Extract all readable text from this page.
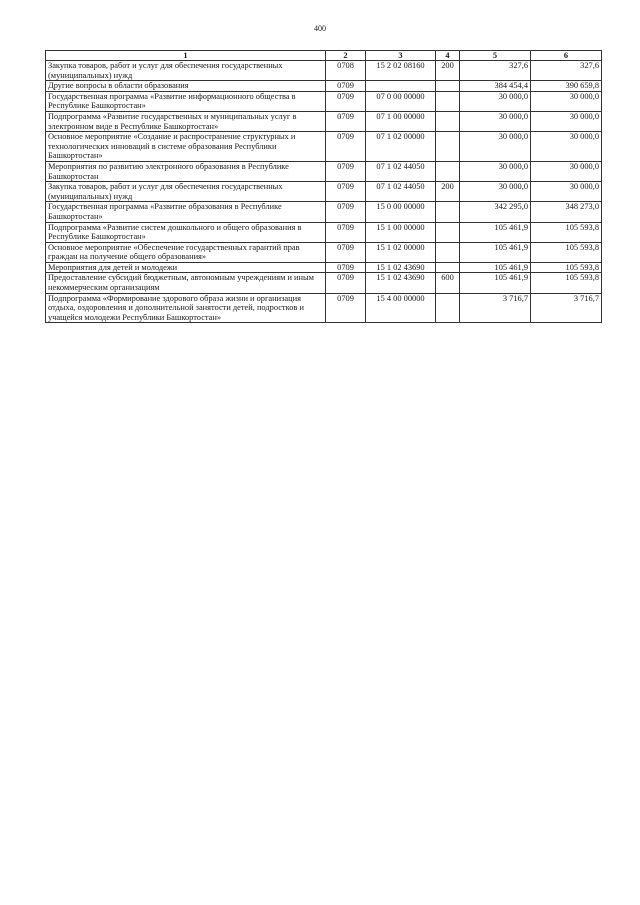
400
1	2	3	4	5	6
Закупка товаров, работ и услуг для обеспечения государственных (муниципальных) нужд	0708	15 2 02 08160	200	327,6	327,6
Другие вопросы в области образования	0709			384 454,4	390 659,8
Государственная программа «Развитие информационного общества в Республике Башкортостан»	0709	07 0 00 00000		30 000,0	30 000,0
Подпрограмма «Развитие государственных и муниципальных услуг в электронном виде в Республике Башкортостан»	0709	07 1 00 00000		30 000,0	30 000,0
Основное мероприятие «Создание и распространение структурных и технологических инноваций в системе образования Республики Башкортостан»	0709	07 1 02 00000		30 000,0	30 000,0
Мероприятия по развитию электронного образования в Республике Башкортостан	0709	07 1 02 44050		30 000,0	30 000,0
Закупка товаров, работ и услуг для обеспечения государственных (муниципальных) нужд	0709	07 1 02 44050	200	30 000,0	30 000,0
Государственная программа «Развитие образования в Республике Башкортостан»	0709	15 0 00 00000		342 295,0	348 273,0
Подпрограмма «Развитие систем дошкольного и общего образования в Республике Башкортостан»	0709	15 1 00 00000		105 461,9	105 593,8
Основное мероприятие «Обеспечение государственных гарантий прав граждан на получение общего образования»	0709	15 1 02 00000		105 461,9	105 593,8
Мероприятия для детей и молодежи	0709	15 1 02 43690		105 461,9	105 593,8
Предоставление субсидий бюджетным, автономным учреждениям и иным некоммерческим организациям	0709	15 1 02 43690	600	105 461,9	105 593,8
Подпрограмма «Формирование здорового образа жизни и организация отдыха, оздоровления и дополнительной занятости детей, подростков и учащейся молодежи Республики Башкортостан»	0709	15 4 00 00000		3 716,7	3 716,7
